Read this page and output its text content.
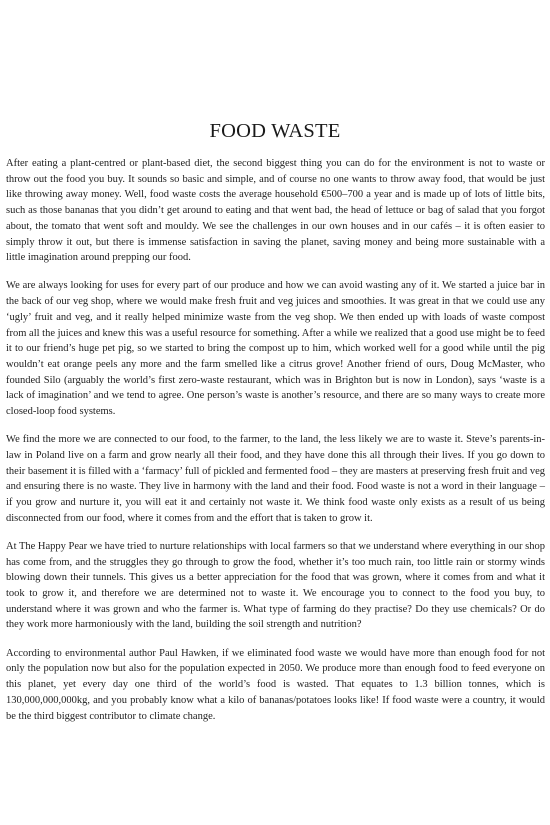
FOOD WASTE

After eating a plant-centred or plant-based diet, the second biggest thing you can do for the environment is not to waste or throw out the food you buy. It sounds so basic and simple, and of course no one wants to throw away food, that would be just like throwing away money. Well, food waste costs the average household €500–700 a year and is made up of lots of little bits, such as those bananas that you didn’t get around to eating and that went bad, the head of lettuce or bag of salad that you forgot about, the tomato that went soft and mouldy. We see the challenges in our own houses and in our cafés – it is often easier to simply throw it out, but there is immense satisfaction in saving the planet, saving money and being more sustainable with a little imagination around prepping our food.

We are always looking for uses for every part of our produce and how we can avoid wasting any of it. We started a juice bar in the back of our veg shop, where we would make fresh fruit and veg juices and smoothies. It was great in that we could use any ‘ugly’ fruit and veg, and it really helped minimize waste from the veg shop. We then ended up with loads of waste compost from all the juices and knew this was a useful resource for something. After a while we realized that a good use might be to feed it to our friend’s huge pet pig, so we started to bring the compost up to him, which worked well for a good while until the pig wouldn’t eat orange peels any more and the farm smelled like a citrus grove! Another friend of ours, Doug McMaster, who founded Silo (arguably the world’s first zero-waste restaurant, which was in Brighton but is now in London), says ‘waste is a lack of imagination’ and we tend to agree. One person’s waste is another’s resource, and there are so many ways to create more closed-loop food systems.

We find the more we are connected to our food, to the farmer, to the land, the less likely we are to waste it. Steve’s parents-in-law in Poland live on a farm and grow nearly all their food, and they have done this all through their lives. If you go down to their basement it is filled with a ‘farmacy’ full of pickled and fermented food – they are masters at preserving fresh fruit and veg and ensuring there is no waste. They live in harmony with the land and their food. Food waste is not a word in their language – if you grow and nurture it, you will eat it and certainly not waste it. We think food waste only exists as a result of us being disconnected from our food, where it comes from and the effort that is taken to grow it.

At The Happy Pear we have tried to nurture relationships with local farmers so that we understand where everything in our shop has come from, and the struggles they go through to grow the food, whether it’s too much rain, too little rain or stormy winds blowing down their tunnels. This gives us a better appreciation for the food that was grown, where it comes from and what it took to grow it, and therefore we are determined not to waste it. We encourage you to connect to the food you buy, to understand where it was grown and who the farmer is. What type of farming do they practise? Do they use chemicals? Or do they work more harmoniously with the land, building the soil strength and nutrition?

According to environmental author Paul Hawken, if we eliminated food waste we would have more than enough food for not only the population now but also for the population expected in 2050. We produce more than enough food to feed everyone on this planet, yet every day one third of the world’s food is wasted. That equates to 1.3 billion tonnes, which is 130,000,000,000kg, and you probably know what a kilo of bananas/potatoes looks like! If food waste were a country, it would be the third biggest contributor to climate change.
